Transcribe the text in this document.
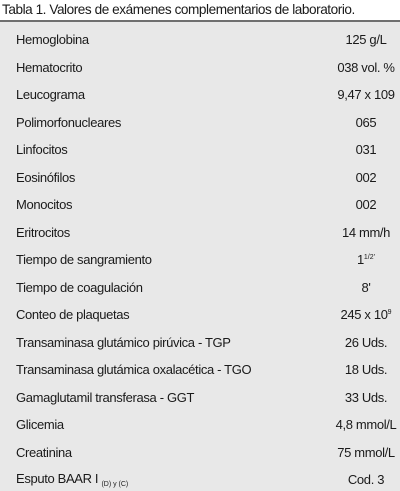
Tabla 1. Valores de exámenes complementarios de laboratorio.
Hemoglobina	125 g/L
Hematocrito	038 vol. %
Leucograma	9,47 x 109
Polimorfonucleares	065
Linfocitos	031
Eosinófilos	002
Monocitos	002
Eritrocitos	14 mm/h
Tiempo de sangramiento	$1^{1/2'}$
Tiempo de coagulación	8'
Conteo de plaquetas	245 x $10^9$
Transaminasa glutámico pirúvica - TGP	26 Uds.
Transaminasa glutámica oxalacética - TGO	18 Uds.
Gamaglutamil transferasa - GGT	33 Uds.
Glicemia	4,8 mmol/L
Creatinina	75 mmol/L
Esputo BAAR I $_{(D) y (C)}$	Cod. 3
